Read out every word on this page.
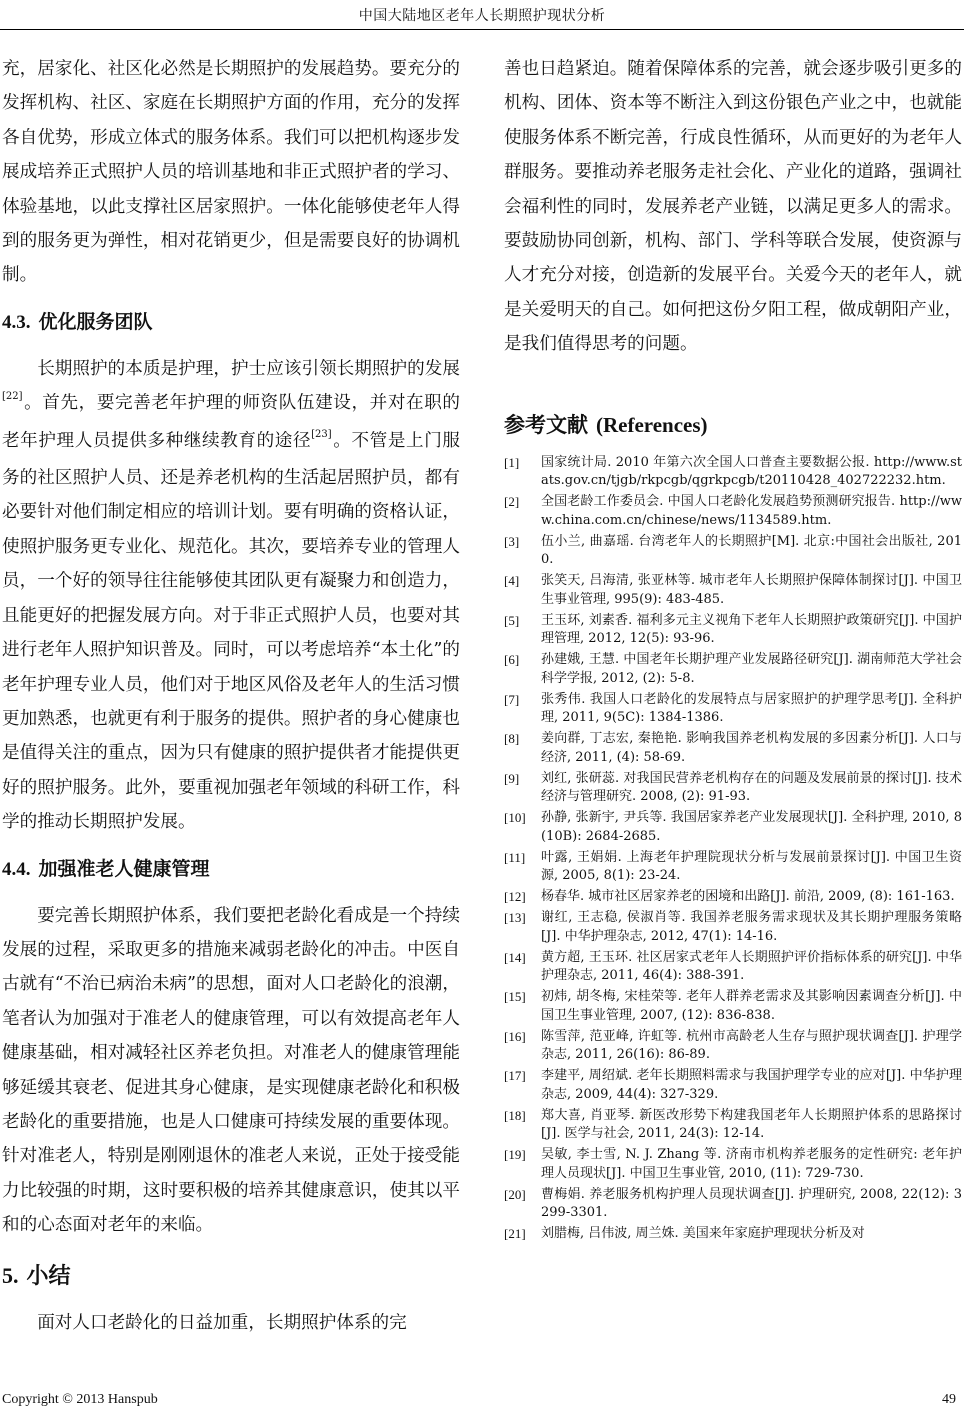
中国大陆地区老年人长期照护现状分析

充，居家化、社区化必然是长期照护的发展趋势。要充分的发挥机构、社区、家庭在长期照护方面的作用，充分的发挥各自优势，形成立体式的服务体系。我们可以把机构逐步发展成培养正式照护人员的培训基地和非正式照护者的学习、体验基地，以此支撑社区居家照护。一体化能够使老年人得到的服务更为弹性，相对花销更少，但是需要良好的协调机制。

4.3. 优化服务团队

长期照护的本质是护理，护士应该引领长期照护的发展[22]。首先，要完善老年护理的师资队伍建设，并对在职的老年护理人员提供多种继续教育的途径[23]。不管是上门服务的社区照护人员、还是养老机构的生活起居照护员，都有必要针对他们制定相应的培训计划。要有明确的资格认证，使照护服务更专业化、规范化。其次，要培养专业的管理人员，一个好的领导往往能够使其团队更有凝聚力和创造力，且能更好的把握发展方向。对于非正式照护人员，也要对其进行老年人照护知识普及。同时，可以考虑培养“本土化”的老年护理专业人员，他们对于地区风俗及老年人的生活习惯更加熟悉，也就更有利于服务的提供。照护者的身心健康也是值得关注的重点，因为只有健康的照护提供者才能提供更好的照护服务。此外，要重视加强老年领域的科研工作，科学的推动长期照护发展。

4.4. 加强准老人健康管理

要完善长期照护体系，我们要把老龄化看成是一个持续发展的过程，采取更多的措施来减弱老龄化的冲击。中医自古就有“不治已病治未病”的思想，面对人口老龄化的浪潮，笔者认为加强对于准老人的健康管理，可以有效提高老年人健康基础，相对减轻社区养老负担。对准老人的健康管理能够延缓其衰老、促进其身心健康，是实现健康老龄化和积极老龄化的重要措施，也是人口健康可持续发展的重要体现。针对准老人，特别是刚刚退休的准老人来说，正处于接受能力比较强的时期，这时要积极的培养其健康意识，使其以平和的心态面对老年的来临。

5. 小结

面对人口老龄化的日益加重，长期照护体系的完

善也日趋紧迫。随着保障体系的完善，就会逐步吸引更多的机构、团体、资本等不断注入到这份银色产业之中，也就能使服务体系不断完善，行成良性循环，从而更好的为老年人群服务。要推动养老服务走社会化、产业化的道路，强调社会福利性的同时，发展养老产业链，以满足更多人的需求。要鼓励协同创新，机构、部门、学科等联合发展，使资源与人才充分对接，创造新的发展平台。关爱今天的老年人，就是关爱明天的自己。如何把这份夕阳工程，做成朝阳产业，是我们值得思考的问题。

参考文献 (References)
[1]	国家统计局. 2010 年第六次全国人口普查主要数据公报. http://www.stats.gov.cn/tjgb/rkpcgb/qgrkpcgb/t20110428_402722232.htm.
[2]	全国老龄工作委员会. 中国人口老龄化发展趋势预测研究报告. http://www.china.com.cn/chinese/news/1134589.htm.
[3]	伍小兰, 曲嘉瑶. 台湾老年人的长期照护[M]. 北京:中国社会出版社, 2010.
[4]	张笑天, 吕海清, 张亚林等. 城市老年人长期照护保障体制探讨[J]. 中国卫生事业管理, 995(9): 483-485.
[5]	王玉环, 刘素香. 福利多元主义视角下老年人长期照护政策研究[J]. 中国护理管理, 2012, 12(5): 93-96.
[6]	孙建娥, 王慧. 中国老年长期护理产业发展路径研究[J]. 湖南师范大学社会科学学报, 2012, (2): 5-8.
[7]	张秀伟. 我国人口老龄化的发展特点与居家照护的护理学思考[J]. 全科护理, 2011, 9(5C): 1384-1386.
[8]	姜向群, 丁志宏, 秦艳艳. 影响我国养老机构发展的多因素分析[J]. 人口与经济, 2011, (4): 58-69.
[9]	刘红, 张研蕊. 对我国民营养老机构存在的问题及发展前景的探讨[J]. 技术经济与管理研究. 2008, (2): 91-93.
[10]	孙静, 张新宇, 尹兵等. 我国居家养老产业发展现状[J]. 全科护理, 2010, 8(10B): 2684-2685.
[11]	叶露, 王娟娟. 上海老年护理院现状分析与发展前景探讨[J]. 中国卫生资源, 2005, 8(1): 23-24.
[12]	杨春华. 城市社区居家养老的困境和出路[J]. 前沿, 2009, (8): 161-163.
[13]	谢红, 王志稳, 侯淑肖等. 我国养老服务需求现状及其长期护理服务策略[J]. 中华护理杂志, 2012, 47(1): 14-16.
[14]	黄方超, 王玉环. 社区居家式老年人长期照护评价指标体系的研究[J]. 中华护理杂志, 2011, 46(4): 388-391.
[15]	初炜, 胡冬梅, 宋桂荣等. 老年人群养老需求及其影响因素调查分析[J]. 中国卫生事业管理, 2007, (12): 836-838.
[16]	陈雪萍, 范亚峰, 许虹等. 杭州市高龄老人生存与照护现状调查[J]. 护理学杂志, 2011, 26(16): 86-89.
[17]	李建平, 周绍斌. 老年长期照料需求与我国护理学专业的应对[J]. 中华护理杂志, 2009, 44(4): 327-329.
[18]	郑大喜, 肖亚琴. 新医改形势下构建我国老年人长期照护体系的思路探讨[J]. 医学与社会, 2011, 24(3): 12-14.
[19]	吴敏, 李士雪, N. J. Zhang 等. 济南市机构养老服务的定性研究: 老年护理人员现状[J]. 中国卫生事业管, 2010, (11): 729-730.
[20]	曹梅娟. 养老服务机构护理人员现状调查[J]. 护理研究, 2008, 22(12): 3299-3301.
[21]	刘腊梅, 吕伟波, 周兰姝. 美国来年家庭护理现状分析及对
Copyright © 2013 Hanspub	49
